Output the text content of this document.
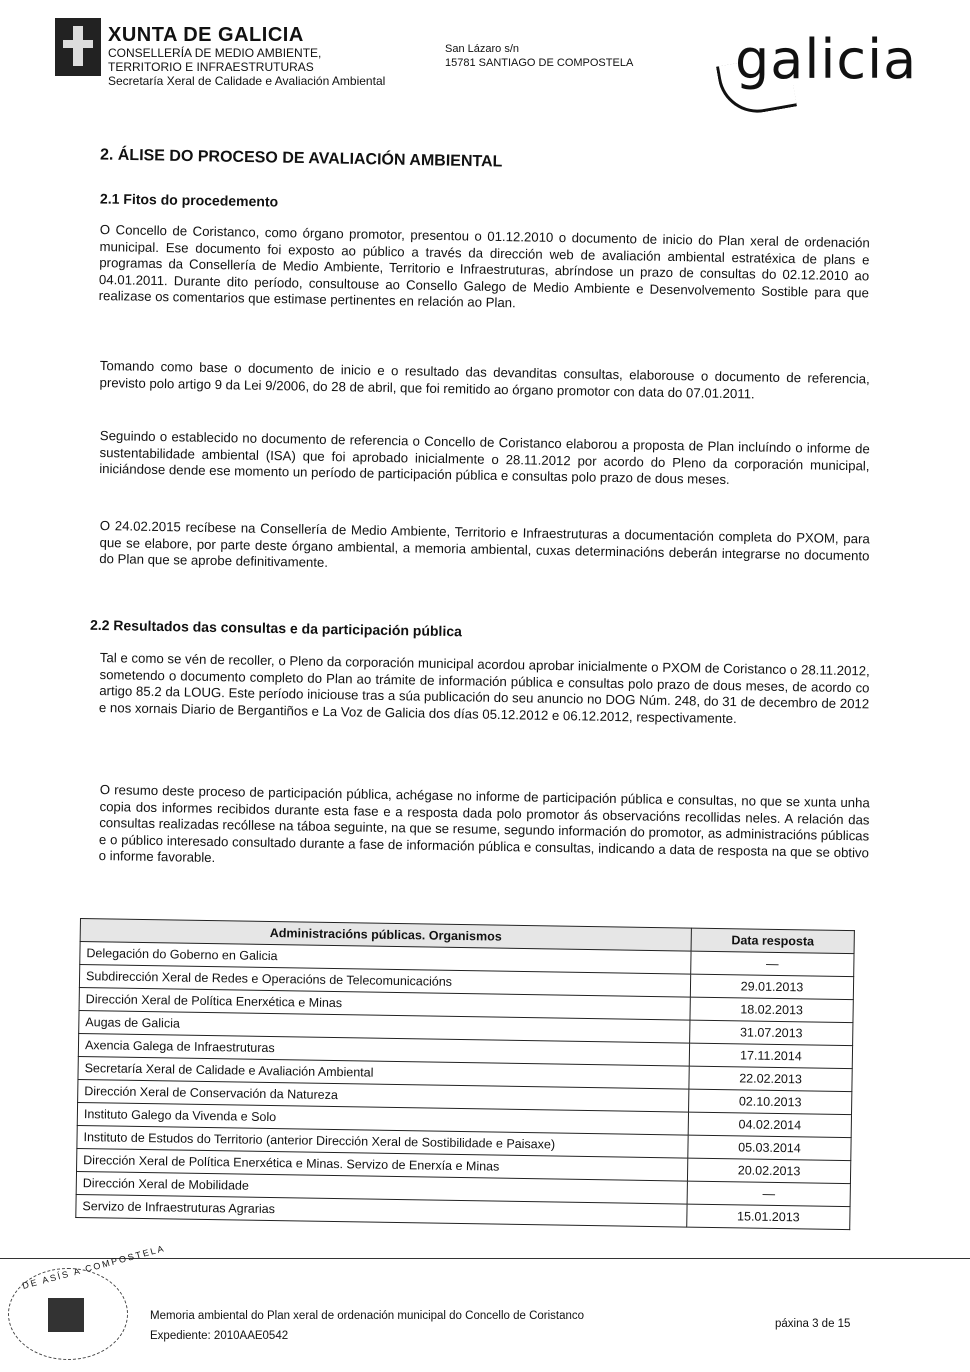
XUNTA DE GALICIA
CONSELLERÍA DE MEDIO AMBIENTE,
TERRITORIO E INFRAESTRUTURAS
Secretaría Xeral de Calidade e Avaliación Ambiental
San Lázaro s/n
15781 SANTIAGO DE COMPOSTELA galicia
2. ÁLISE DO PROCESO DE AVALIACIÓN AMBIENTAL
2.1 Fitos do procedemento
O Concello de Coristanco, como órgano promotor, presentou o 01.12.2010 o documento de inicio do Plan xeral de ordenación municipal. Ese documento foi exposto ao público a través da dirección web de avaliación ambiental estratéxica de plans e programas da Consellería de Medio Ambiente, Territorio e Infraestruturas, abríndose un prazo de consultas do 02.12.2010 ao 04.01.2011. Durante dito período, consultouse ao Consello Galego de Medio Ambiente e Desenvolvemento Sostible para que realizase os comentarios que estimase pertinentes en relación ao Plan.
Tomando como base o documento de inicio e o resultado das devanditas consultas, elaborouse o documento de referencia, previsto polo artigo 9 da Lei 9/2006, do 28 de abril, que foi remitido ao órgano promotor con data do 07.01.2011.
Seguindo o establecido no documento de referencia o Concello de Coristanco elaborou a proposta de Plan incluíndo o informe de sustentabilidade ambiental (ISA) que foi aprobado inicialmente o 28.11.2012 por acordo do Pleno da corporación municipal, iniciándose dende ese momento un período de participación pública e consultas polo prazo de dous meses.
O 24.02.2015 recíbese na Consellería de Medio Ambiente, Territorio e Infraestruturas a documentación completa do PXOM, para que se elabore, por parte deste órgano ambiental, a memoria ambiental, cuxas determinacións deberán integrarse no documento do Plan que se aprobe definitivamente.
2.2 Resultados das consultas e da participación pública
Tal e como se vén de recoller, o Pleno da corporación municipal acordou aprobar inicialmente o PXOM de Coristanco o 28.11.2012, sometendo o documento completo do Plan ao trámite de información pública e consultas polo prazo de dous meses, de acordo co artigo 85.2 da LOUG. Este período iniciouse tras a súa publicación do seu anuncio no DOG Núm. 248, do 31 de decembro de 2012 e nos xornais Diario de Bergantiños e La Voz de Galicia dos días 05.12.2012 e 06.12.2012, respectivamente.
O resumo deste proceso de participación pública, achégase no informe de participación pública e consultas, no que se xunta unha copia dos informes recibidos durante esta fase e a resposta dada polo promotor ás observacións recollidas neles. A relación das consultas realizadas recóllese na táboa seguinte, na que se resume, segundo información do promotor, as administracións públicas e o público interesado consultado durante a fase de información pública e consultas, indicando a data de resposta na que se obtivo o informe favorable.
Administracións públicas. Organismos	Data resposta
Delegación do Goberno en Galicia	—
Subdirección Xeral de Redes e Operacións de Telecomunicacións	29.01.2013
Dirección Xeral de Política Enerxética e Minas	18.02.2013
Augas de Galicia	31.07.2013
Axencia Galega de Infraestruturas	17.11.2014
Secretaría Xeral de Calidade e Avaliación Ambiental	22.02.2013
Dirección Xeral de Conservación da Natureza	02.10.2013
Instituto Galego da Vivenda e Solo	04.02.2014
Instituto de Estudos do Territorio (anterior Dirección Xeral de Sostibilidade e Paisaxe)	05.03.2014
Dirección Xeral de Política Enerxética e Minas. Servizo de Enerxía e Minas	20.02.2013
Dirección Xeral de Mobilidade	—
Servizo de Infraestruturas Agrarias	15.01.2013
DE ASÍS A COMPOSTELA
Memoria ambiental do Plan xeral de ordenación municipal do Concello de Coristanco
Expediente: 2010AAE0542
páxina 3 de 15
